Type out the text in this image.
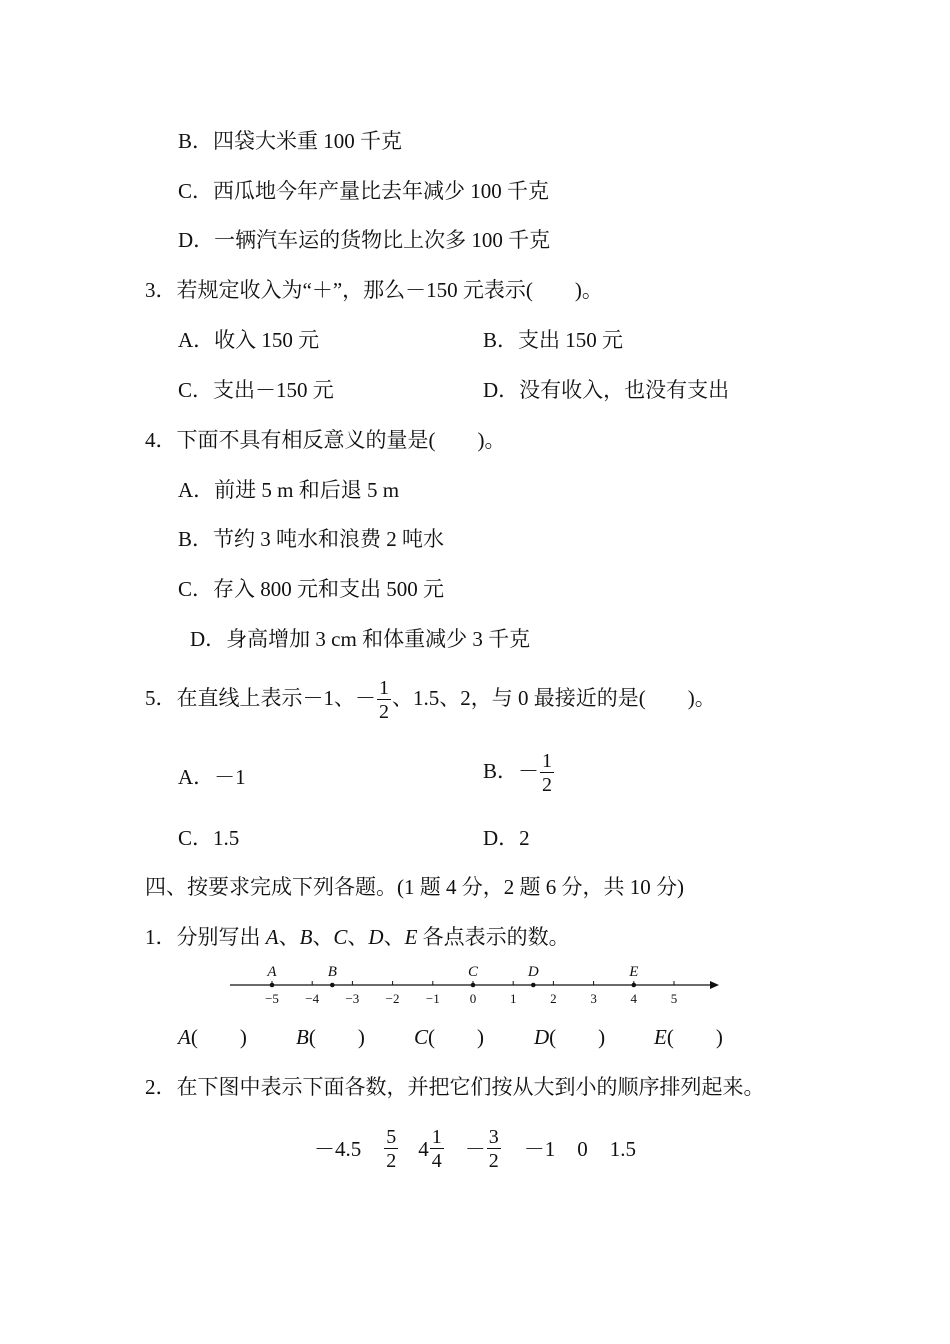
B．四袋大米重 100 千克
C．西瓜地今年产量比去年减少 100 千克
D．一辆汽车运的货物比上次多 100 千克
3．若规定收入为“＋”，那么－150 元表示(　　)。
A．收入 150 元	B．支出 150 元
C．支出－150 元	D．没有收入，也没有支出
4．下面不具有相反意义的量是(　　)。
A．前进 5 m 和后退 5 m
B．节约 3 吨水和浪费 2 吨水
C．存入 800 元和支出 500 元
D．身高增加 3 cm 和体重减少 3 千克
5．在直线上表示－1、－ $\frac{1}{2}$ 、1.5、2，与 0 最接近的是(　　)。
A．－1	B．－ $\frac{1}{2}$
C．1.5	D．2
四、按要求完成下列各题。(1 题 4 分，2 题 6 分，共 10 分)
1．分别写出 A、B、C、D、E 各点表示的数。
−5 −4 −3 −2 −1 0	1	2	3	4	5
A	B	C	D	E
A(　　) B(　　) C(　　) D(　　) E(　　)
2．在下图中表示下面各数，并把它们按从大到小的顺序排列起来。
$-4.5 \frac{5}{2} 4 \frac{1}{4} - \frac{3}{2} -1$ 0 1.5
